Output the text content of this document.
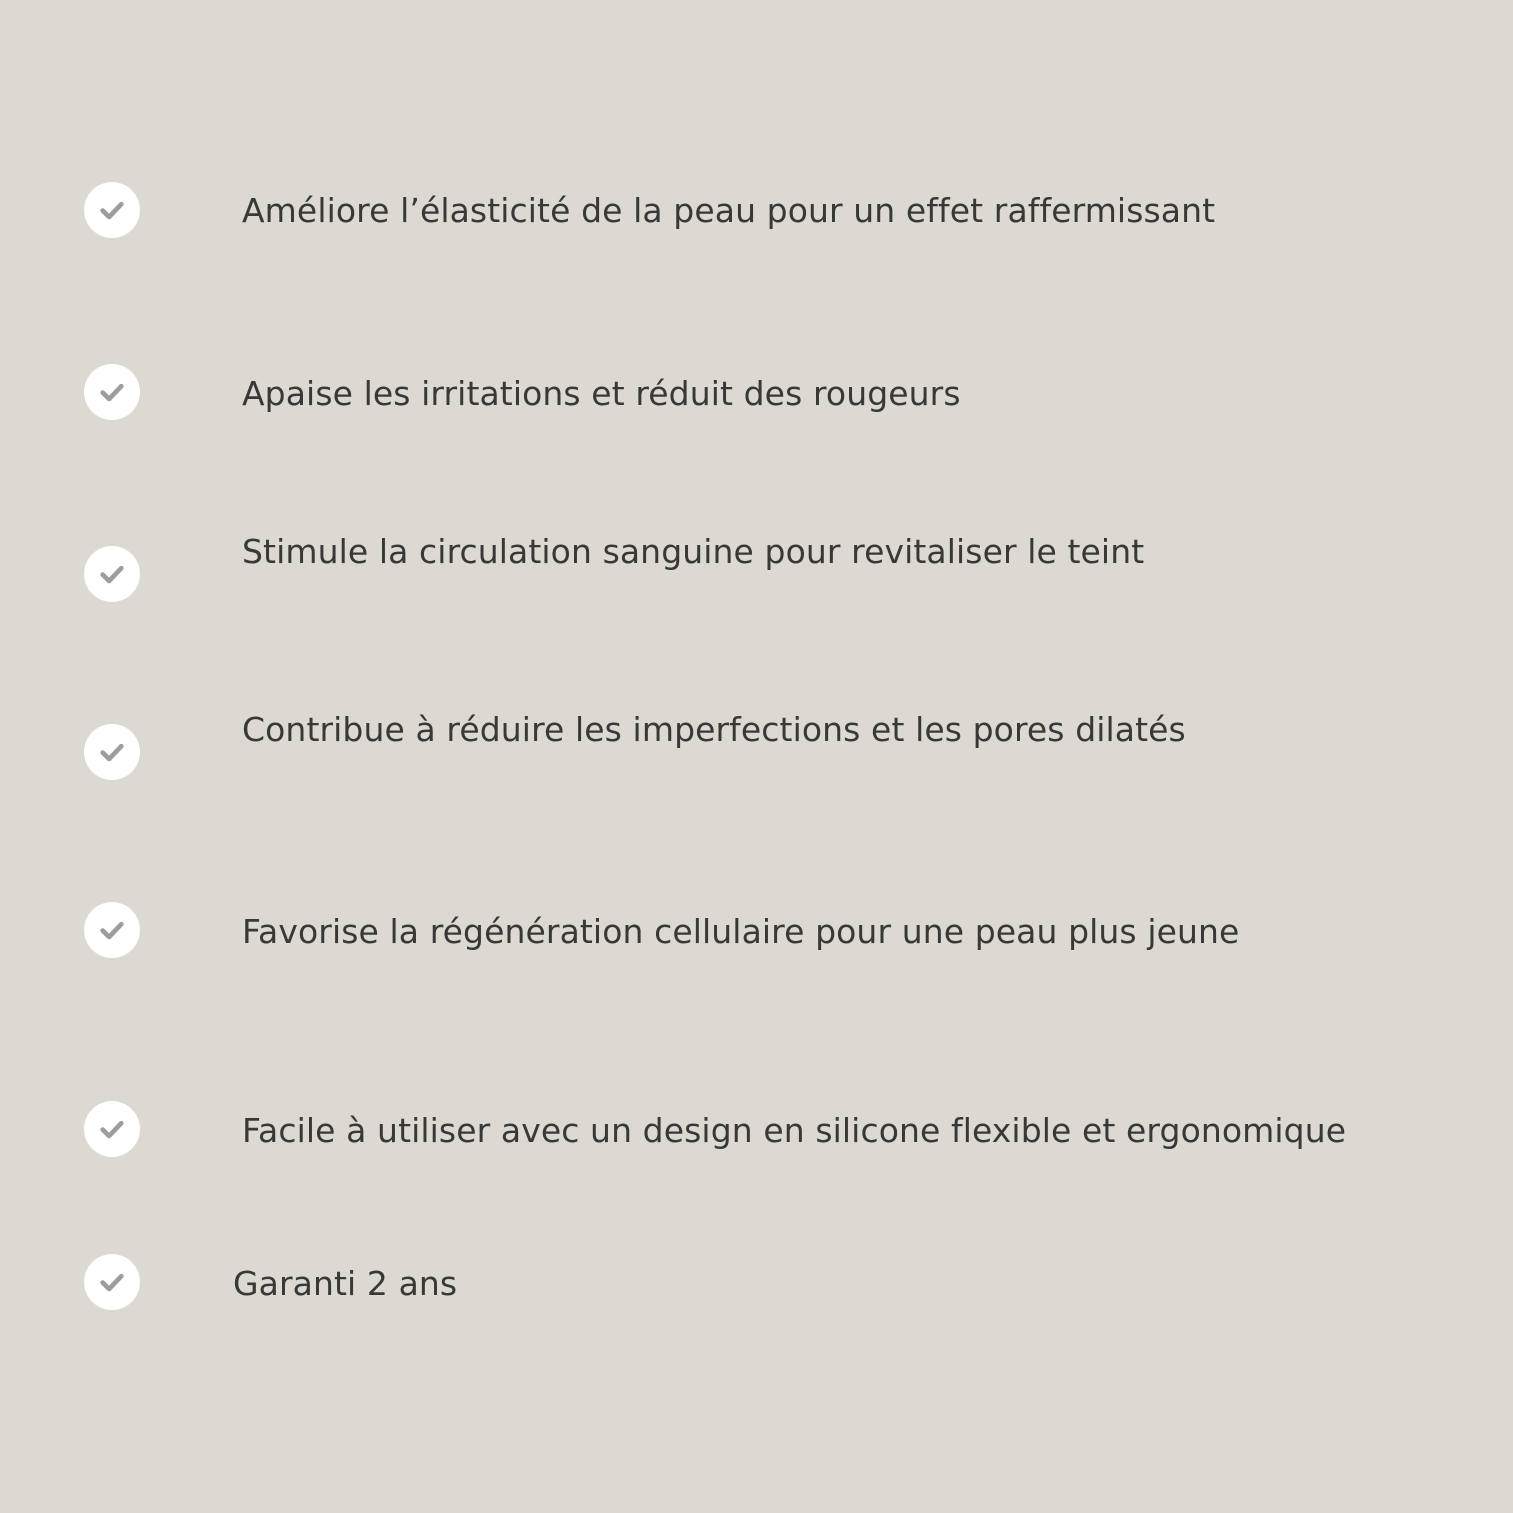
Améliore l’élasticité de la peau pour un effet raffermissant
Apaise les irritations et réduit des rougeurs
Stimule la circulation sanguine pour revitaliser le teint
Contribue à réduire les imperfections et les pores dilatés
Favorise la régénération cellulaire pour une peau plus jeune
Facile à utiliser avec un design en silicone flexible et ergonomique
Garanti 2 ans
